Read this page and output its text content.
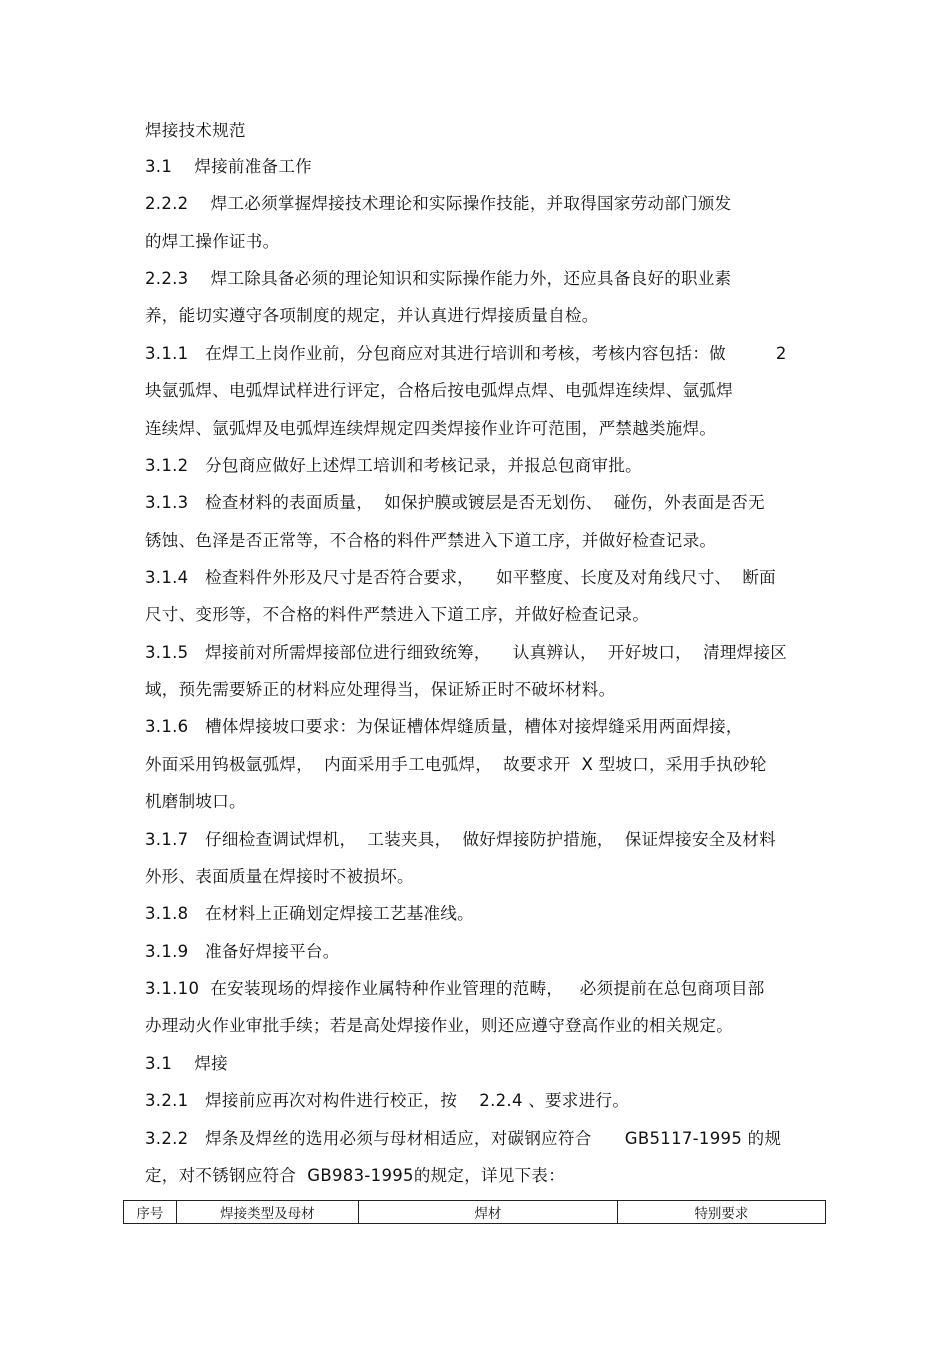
焊接技术规范
3.1    焊接前准备工作
2.2.2    焊工必须掌握焊接技术理论和实际操作技能，并取得国家劳动部门颁发
的焊工操作证书。
2.2.3    焊工除具备必须的理论知识和实际操作能力外，还应具备良好的职业素
养，能切实遵守各项制度的规定，并认真进行焊接质量自检。
3.1.1   在焊工上岗作业前，分包商应对其进行培训和考核，考核内容包括：做         2
块氩弧焊、电弧焊试样进行评定，合格后按电弧焊点焊、电弧焊连续焊、氩弧焊
连续焊、氩弧焊及电弧焊连续焊规定四类焊接作业许可范围，严禁越类施焊。
3.1.2   分包商应做好上述焊工培训和考核记录，并报总包商审批。
3.1.3   检查材料的表面质量，  如保护膜或镀层是否无划伤、  碰伤，外表面是否无
锈蚀、色泽是否正常等，不合格的料件严禁进入下道工序，并做好检查记录。
3.1.4   检查料件外形及尺寸是否符合要求，    如平整度、长度及对角线尺寸、  断面
尺寸、变形等，不合格的料件严禁进入下道工序，并做好检查记录。
3.1.5   焊接前对所需焊接部位进行细致统筹，    认真辨认，  开好坡口，  清理焊接区
域，预先需要矫正的材料应处理得当，保证矫正时不破坏材料。
3.1.6   槽体焊接坡口要求：为保证槽体焊缝质量，槽体对接焊缝采用两面焊接，
外面采用钨极氩弧焊，  内面采用手工电弧焊，  故要求开  X 型坡口，采用手执砂轮
机磨制坡口。
3.1.7   仔细检查调试焊机，  工装夹具，  做好焊接防护措施，  保证焊接安全及材料
外形、表面质量在焊接时不被损坏。
3.1.8   在材料上正确划定焊接工艺基准线。
3.1.9   准备好焊接平台。
3.1.10  在安装现场的焊接作业属特种作业管理的范畴，   必须提前在总包商项目部
办理动火作业审批手续；若是高处焊接作业，则还应遵守登高作业的相关规定。
3.1    焊接
3.2.1   焊接前应再次对构件进行校正，按    2.2.4 、要求进行。
3.2.2   焊条及焊丝的选用必须与母材相适应，对碳钢应符合      GB5117-1995 的规
定，对不锈钢应符合  GB983-1995的规定，详见下表：
序号	焊接类型及母材	焊材	特别要求
